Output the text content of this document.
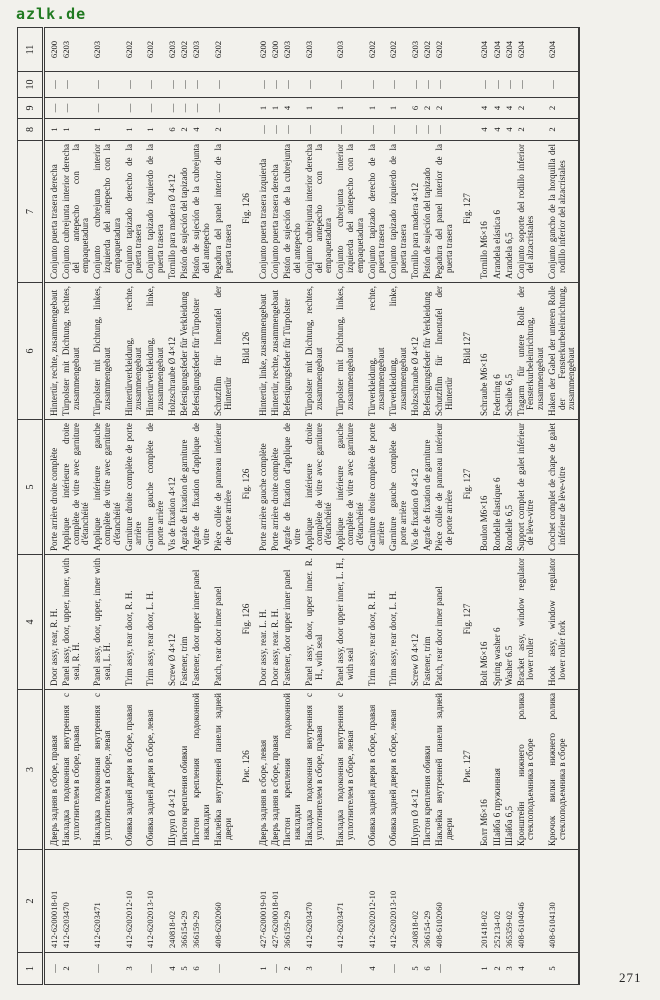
azlk.de
1	2	3	4	5	6	7	8	9	10	11
—	412-6200018-01	Дверь задняя в сборе, правая	Door assy, rear, R. H.	Porte arrière droite complète	Hintertür, rechte, zusammengebaut	Conjunto puerta trasera derecha	1	—	—	6200
2	412-6203470	Накладка подоконная внутренняя с уплотнителем в сборе, правая	Panel assy, door, upper, inner, with seal, R. H.	Applique intérieure droite complète de vitre avec garniture d'étanchéité	Türpolster mit Dichtung, rechtes, zusammengebaut	Conjunto cubrejunta interior derecha del antepecho con la empaquetadura	1	—	—	6203
—	412-6203471	Накладка подоконная внутренняя с уплотнителем в сборе, левая	Panel assy, door, upper, inner with seal, L. H.	Applique intérieure gauche complète de vitre avec garniture d'étanchéité	Türpolster mit Dichtung, linkes, zusammengebaut	Conjunto cubrejunta interior izquierda del antepecho con la empaquetadura	1	—	—	6203
3	412-6202012-10	Обивка задней двери в сборе, правая	Trim assy, rear door, R. H.	Garniture droite complète de porte arrière	Hintertürverkleidung, rechte, zusammengebaut	Conjunto tapizado derecho de la puerta trasera	1	—	—	6202
—	412-6202013-10	Обивка задней двери в сборе, левая	Trim assy, rear door, L. H.	Garniture gauche complète de porte arrière	Hintertürverkleidung, linke, zusammengebaut	Conjunto tapizado izquierdo de la puerta trasera	1	—	—	6202
4	240818-02	Шуруп Ø 4×12	Screw Ø 4×12	Vis de fixation 4×12	Holzschraube Ø 4×12	Tornillo para madera Ø 4×12	6	—	—	6203
5	366154-29	Пистон крепления обивки	Fastener, trim	Agrafe de fixation de garniture	Befestigungsfeder für Verkleidung	Pistón de sujeción del tapizado	2	—	—	6202
6	366159-29	Пистон крепления подоконной накладки	Fastener, door upper inner panel	Agrafe de fixation d'applique de vitre	Befestigungsfeder für Türpolster	Pistón de sujeción de la cubrejunta del antepecho	4	—	—	6203
—	408-6202060	Наклейка внутренней панели задней двери	Patch, rear door inner panel	Pièce collée de panneau intérieur de porte arrière	Schutzfilm für Innentafel der Hintertür	Pegadura del panel interior de la puerta trasera	2	—	—	6202
		Рис. 126	Fig. 126	Fig. 126	Bild 126	Fig. 126				
1	427-6200019-01	Дверь задняя в сборе, левая	Door assy, rear. L. H.	Porte arrière gauche complète	Hintertür, linke, zusammengebaut	Conjunto puerta trasera izquierda	—	1	—	6200
—	427-6200018-01	Дверь задняя в сборе, правая	Door assy, rear. R. H.	Porte arrière droite complète	Hintertür, rechte, zusammengebaut	Conjunto puerta trasera derecha	—	1	—	6200
2	366159-29	Пистон крепления подоконной накладки	Fastener, door upper inner panel	Agrafe de fixation d'applique de vitre	Befestigungsfeder für Türpolster	Pistón de sujeción de la cubrejunta del antepecho	—	4	—	6203
3	412-6203470	Накладка подоконная внутренняя с уплотнителем в сборе, правая	Panel assy, door, upper inner. R. H., with seal	Applique intérieure droite complète de vitre avec garniture d'étanchéité	Türpolster mit Dichtung, rechtes, zusammengebaut	Conjunto cubrejunta interior derecha del antepecho con la empaquetadura	—	1	—	6203
—	412-6203471	Накладка подоконная внутренняя с уплотнителем в сборе, левая	Panel assy, door upper inner, L. H., with seal	Applique intérieure gauche complète de vitre avec garniture d'étanchéité	Türpolster mit Dichtung, linkes, zusammengebaut	Conjunto cubrejunta interior izquierda del antepecho con la empaquetadura	—	1	—	6203
4	412-6202012-10	Обивка задней двери в сборе, правая	Trim assy. rear door, R. H.	Garniture droite complète de porte arrière	Türverkleidung, rechte, zusammengebaut	Conjunto tapizado derecho de la puerta trasera	—	1	—	6202
—	412-6202013-10	Обивка задней двери в сборе, левая	Trim assy, rear door, L. H.	Garniture gauche complète de porte arrière	Türverkleidung, linke, zusammengebaut	Conjunto tapizado izquierdo de la puerta trasera	—	1	—	6202
5	240818-02	Шуруп Ø 4×12	Screw Ø 4×12	Vis de fixation Ø 4×12	Holzschraube Ø 4×12	Tornillo para madera 4×12	—	6	—	6203
6	366154-29	Пистон крепления обивки	Fastener, trim	Agrafe de fixation de garniture	Befestigungsfeder für Verkleidung	Pistón de sujeción del tapizado	—	2	—	6202
—	408-6102060	Наклейка внутренней панели задней двери	Patch, rear door inner panel	Pièce collée de panneau intérieur de porte arrière	Schutzfilm für Innentafel der Hintertür	Pegadura del panel interior de la puerta trasera	—	2	—	6202
		Рис. 127	Fig. 127	Fig. 127	Bild 127	Fig. 127				
1	201418-02	Болт М6×16	Bolt M6×16	Boulon M6×16	Schraube M6×16	Tornillo M6×16	4	4	—	6204
2	252134-02	Шайба 6 пружинная	Spring washer 6	Rondelle élastique 6	Federring 6	Arandela elástica 6	4	4	—	6204
3	365359-02	Шайба 6,5	Washer 6.5	Rondelle 6,5	Scheibe 6,5	Arandela 6,5	4	4	—	6204
4	408-6104046	Кронштейн нижнего ролика стеклоподъемника в сборе	Bracket assy, window regulator lower roller	Support complet de galet inférieur de lève-vitre	Tragarm für untere Rolle der Fensterkurbeleinrichtung, zusammengebaut	Conjunto soporte del rodillo inferior del alzacristales	2	2	—	6204
5	408-6104130	Крючок вилки нижнего ролика стеклоподъемника в сборе	Hook assy, window regulator lower roller fork	Crochet complet de chape de galet inférieur de lève-vitre	Haken der Gabel der unteren Rolle der Fensterkurbeleinrichtung, zusammengebaut	Conjunto gancho de la horquilla del rodillo inferior del alzacristales	2	2	—	6204
271
